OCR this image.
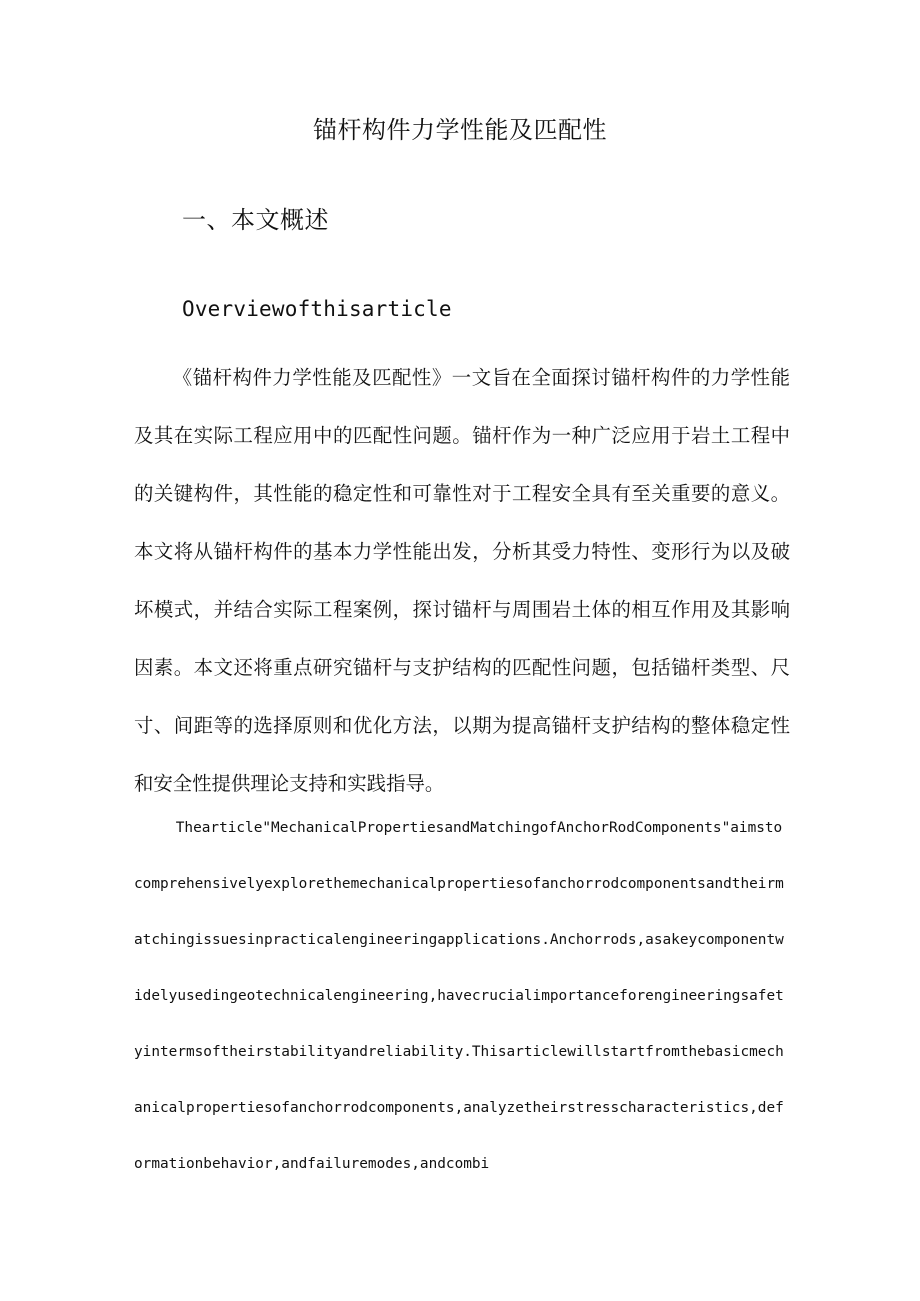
锚杆构件力学性能及匹配性
一、本文概述
Overviewofthisarticle

《锚杆构件力学性能及匹配性》一文旨在全面探讨锚杆构件的力学性能及其在实际工程应用中的匹配性问题。锚杆作为一种广泛应用于岩土工程中的关键构件，其性能的稳定性和可靠性对于工程安全具有至关重要的意义。本文将从锚杆构件的基本力学性能出发，分析其受力特性、变形行为以及破坏模式，并结合实际工程案例，探讨锚杆与周围岩土体的相互作用及其影响因素。本文还将重点研究锚杆与支护结构的匹配性问题，包括锚杆类型、尺寸、间距等的选择原则和优化方法，以期为提高锚杆支护结构的整体稳定性和安全性提供理论支持和实践指导。

Thearticle"MechanicalPropertiesandMatchingofAnchorRodComponents"aimstocomprehensivelyexplorethemechanicalpropertiesofanchorrodcomponentsandtheirmatchingissuesinpracticalengineeringapplications.Anchorrods,asakeycomponentwidelyusedingeotechnicalengineering,havecrucialimportanceforengineeringsafetyintermsoftheirstabilityandreliability.Thisarticlewillstartfromthebasicmechanicalpropertiesofanchorrodcomponents,analyzetheirstresscharacteristics,deformationbehavior,andfailuremodes,andcombi
